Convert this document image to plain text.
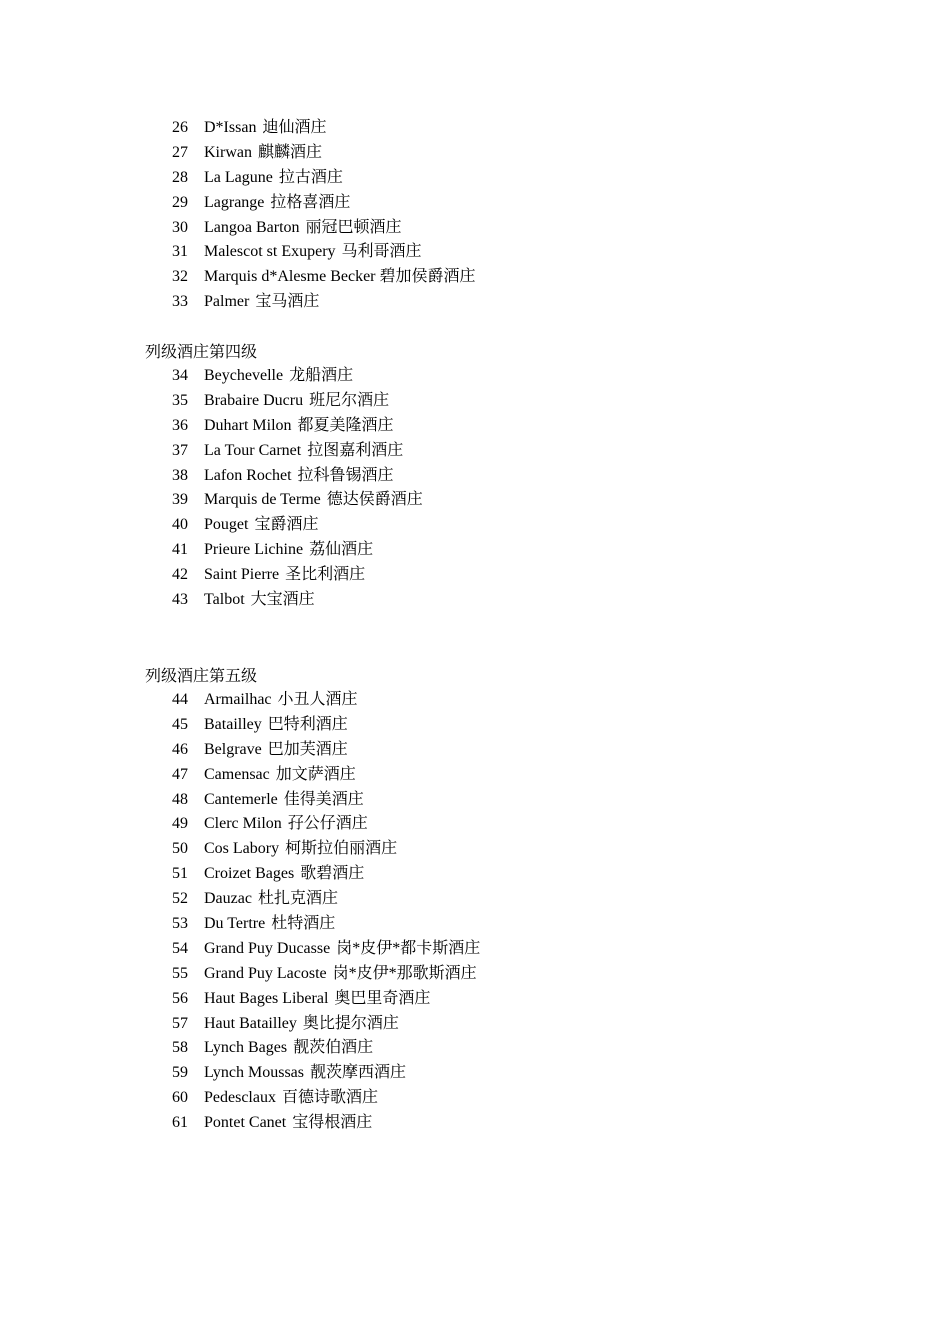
26 D*Issan 迪仙酒庄
27 Kirwan 麒麟酒庄
28 La Lagune 拉古酒庄
29 Lagrange 拉格喜酒庄
30 Langoa Barton 丽冠巴顿酒庄
31 Malescot st Exupery 马利哥酒庄
32 Marquis d*Alesme Becker 碧加侯爵酒庄
33 Palmer 宝马酒庄
列级酒庄第四级
34 Beychevelle 龙船酒庄
35 Brabaire Ducru 班尼尔酒庄
36 Duhart Milon 都夏美隆酒庄
37 La Tour Carnet 拉图嘉利酒庄
38 Lafon Rochet 拉科鲁锡酒庄
39 Marquis de Terme 德达侯爵酒庄
40 Pouget 宝爵酒庄
41 Prieure Lichine 荔仙酒庄
42 Saint Pierre 圣比利酒庄
43 Talbot 大宝酒庄
列级酒庄第五级
44 Armailhac 小丑人酒庄
45 Batailley 巴特利酒庄
46 Belgrave 巴加芙酒庄
47 Camensac 加文萨酒庄
48 Cantemerle 佳得美酒庄
49 Clerc Milon 孖公仔酒庄
50 Cos Labory 柯斯拉伯丽酒庄
51 Croizet Bages 歌碧酒庄
52 Dauzac 杜扎克酒庄
53 Du Tertre 杜特酒庄
54 Grand Puy Ducasse 岗*皮伊*都卡斯酒庄
55 Grand Puy Lacoste 岗*皮伊*那歌斯酒庄
56 Haut Bages Liberal 奥巴里奇酒庄
57 Haut Batailley 奥比提尔酒庄
58 Lynch Bages 靓茨伯酒庄
59 Lynch Moussas 靓茨摩西酒庄
60 Pedesclaux 百德诗歌酒庄
61 Pontet Canet 宝得根酒庄
